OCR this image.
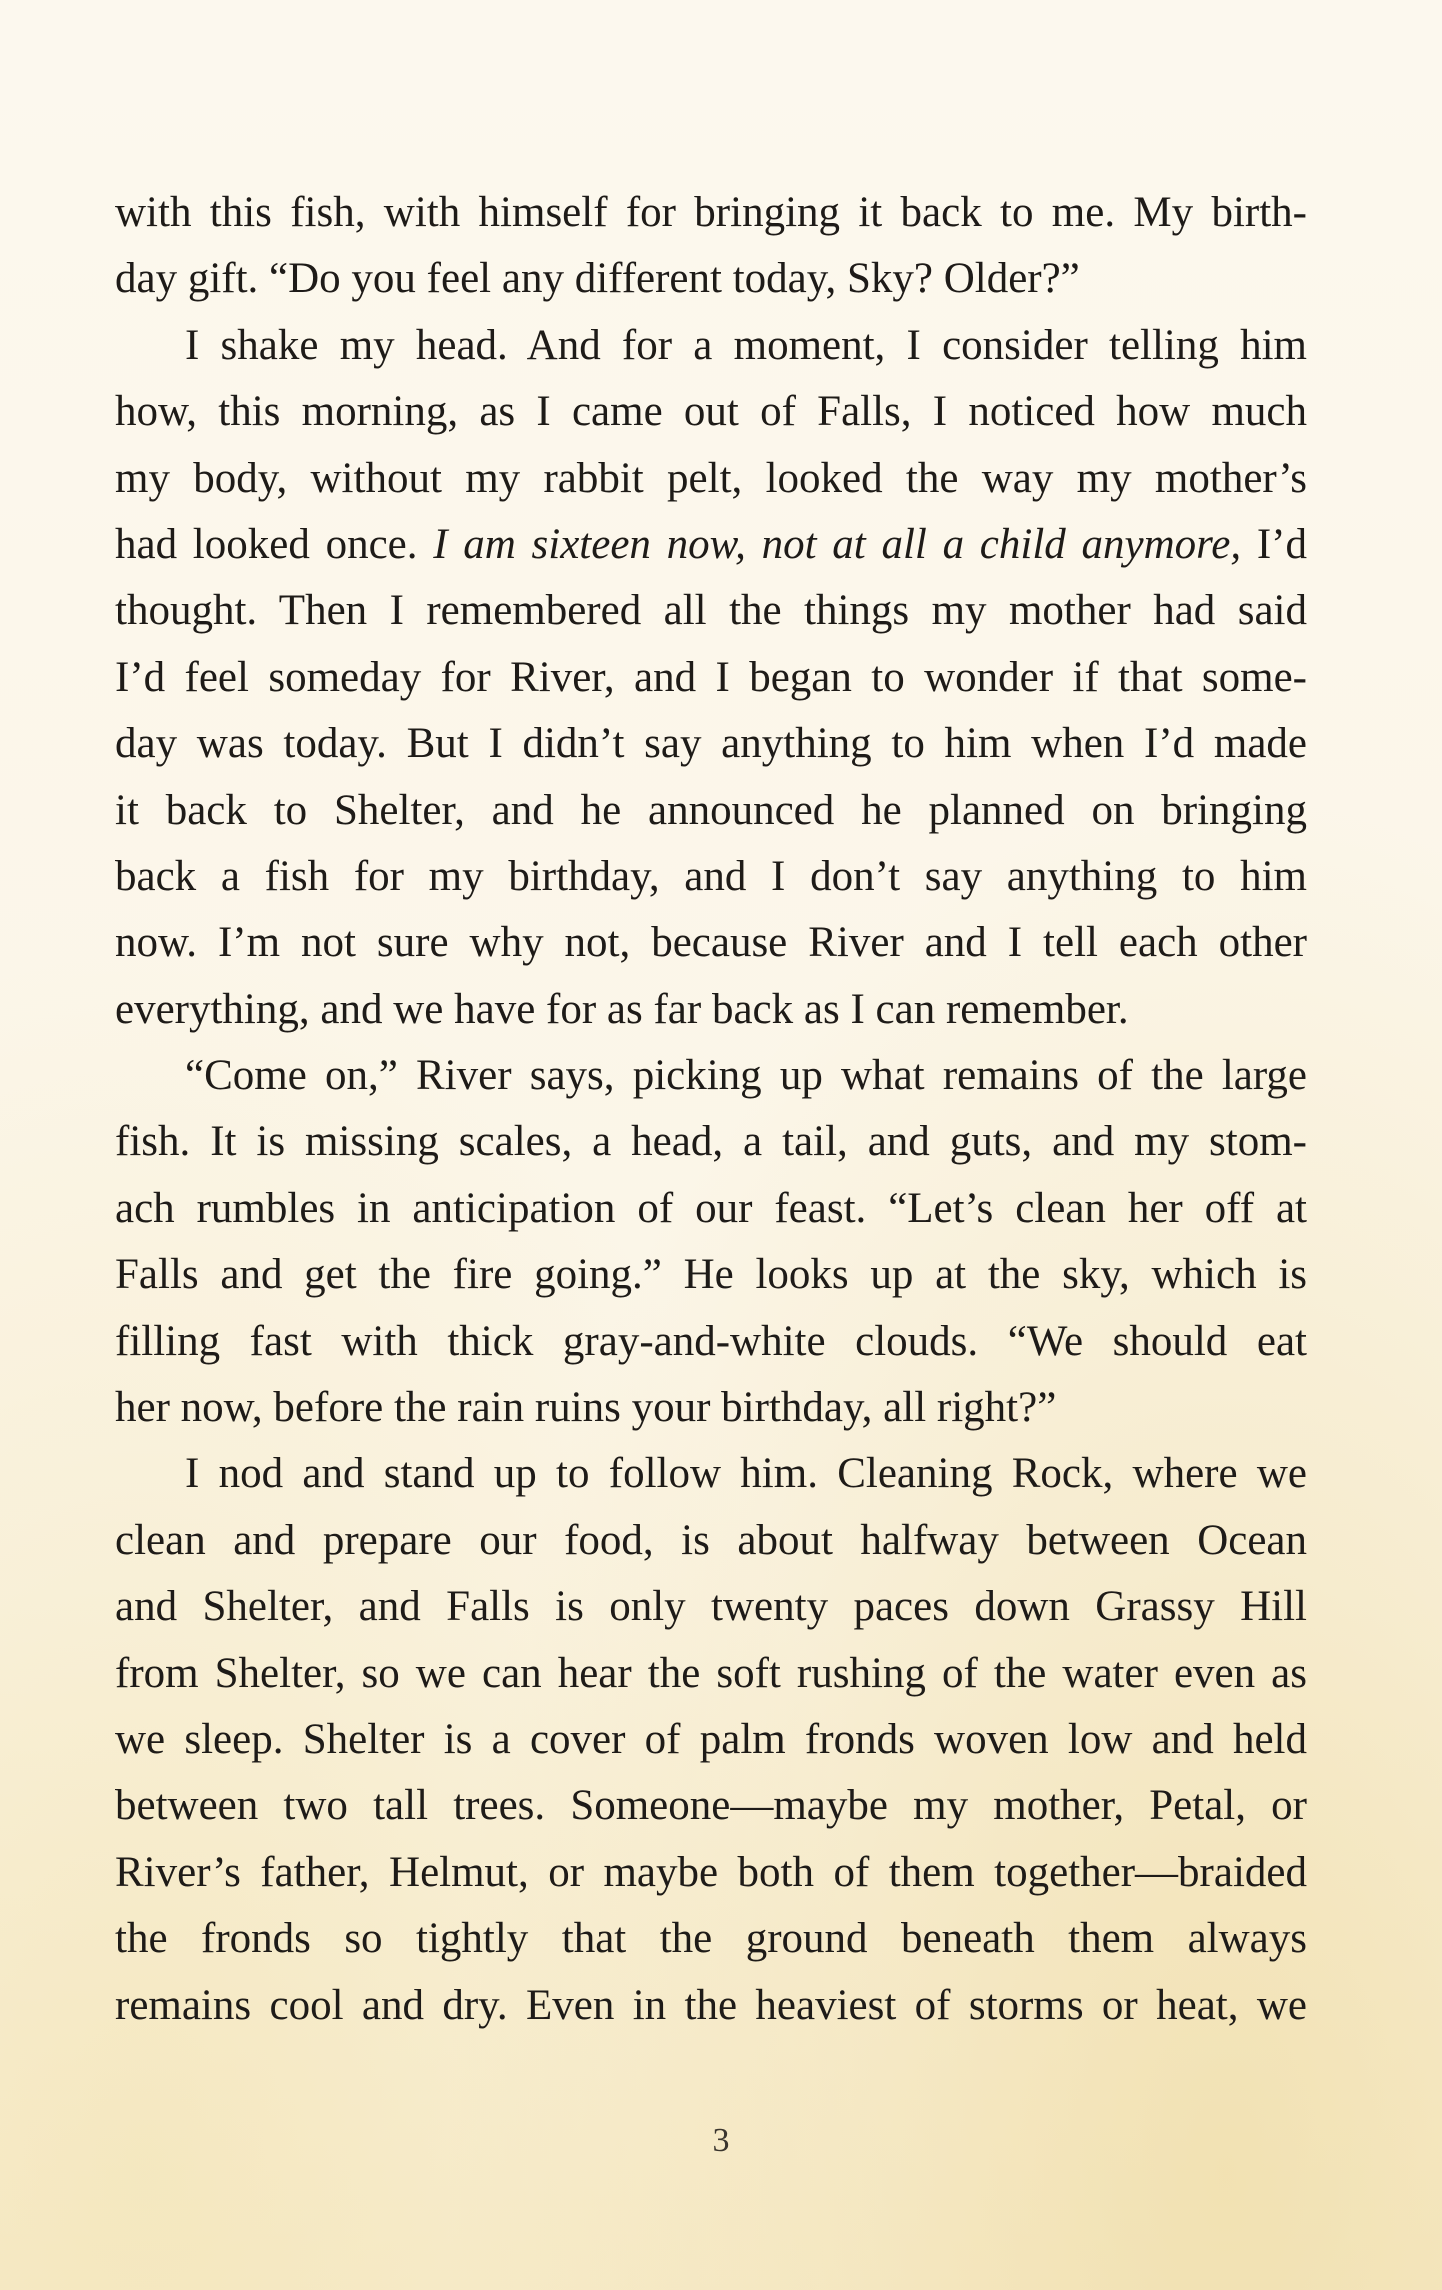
with this fish, with himself for bringing it back to me. My birth-
day gift. “Do you feel any different today, Sky? Older?”
I shake my head. And for a moment, I consider telling him
how, this morning, as I came out of Falls, I noticed how much
my body, without my rabbit pelt, looked the way my mother’s
had looked once. I am sixteen now, not at all a child anymore, I’d
thought. Then I remembered all the things my mother had said
I’d feel someday for River, and I began to wonder if that some-
day was today. But I didn’t say anything to him when I’d made
it back to Shelter, and he announced he planned on bringing
back a fish for my birthday, and I don’t say anything to him
now. I’m not sure why not, because River and I tell each other
everything, and we have for as far back as I can remember.
“Come on,” River says, picking up what remains of the large
fish. It is missing scales, a head, a tail, and guts, and my stom-
ach rumbles in anticipation of our feast. “Let’s clean her off at
Falls and get the fire going.” He looks up at the sky, which is
filling fast with thick gray-and-white clouds. “We should eat
her now, before the rain ruins your birthday, all right?”
I nod and stand up to follow him. Cleaning Rock, where we
clean and prepare our food, is about halfway between Ocean
and Shelter, and Falls is only twenty paces down Grassy Hill
from Shelter, so we can hear the soft rushing of the water even as
we sleep. Shelter is a cover of palm fronds woven low and held
between two tall trees. Someone—maybe my mother, Petal, or
River’s father, Helmut, or maybe both of them together—braided
the fronds so tightly that the ground beneath them always
remains cool and dry. Even in the heaviest of storms or heat, we
3
